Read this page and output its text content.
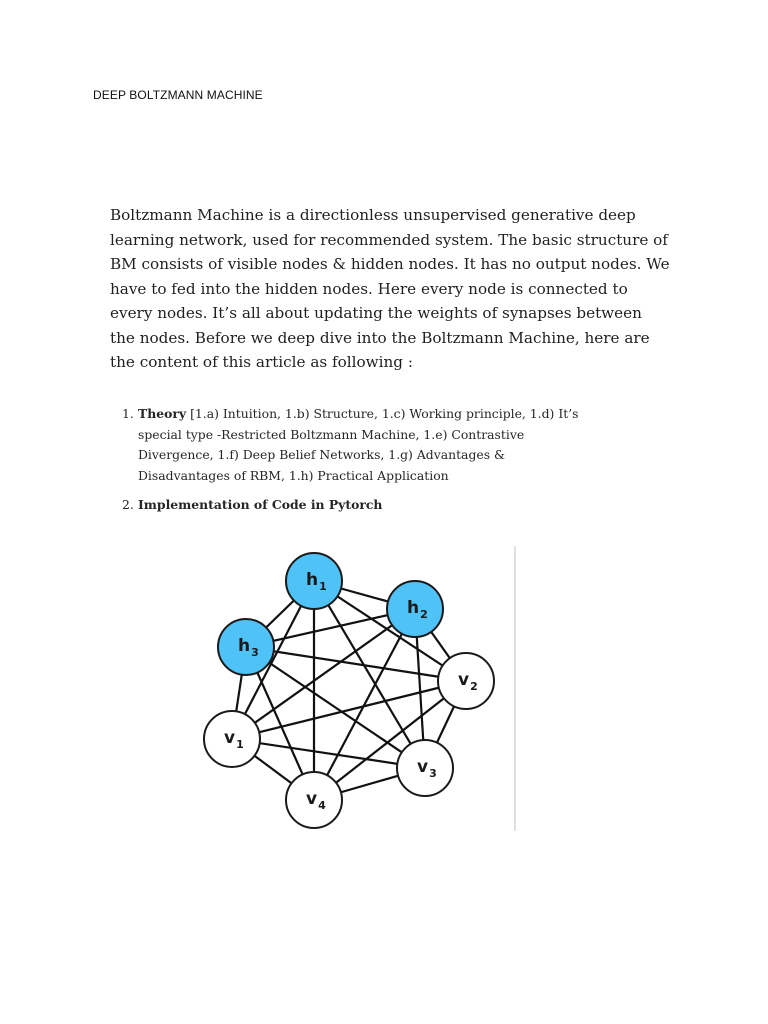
DEEP BOLTZMANN MACHINE

Boltzmann Machine is a directionless unsupervised generative deep learning network, used for recommended system. The basic structure of BM consists of visible nodes & hidden nodes. It has no output nodes. We have to fed into the hidden nodes. Here every node is connected to every nodes. It’s all about updating the weights of synapses between the nodes. Before we deep dive into the Boltzmann Machine, here are the content of this article as following :

1. Theory [1.a) Intuition, 1.b) Structure, 1.c) Working principle, 1.d) It’s special type -Restricted Boltzmann Machine, 1.e) Contrastive Divergence, 1.f) Deep Belief Networks, 1.g) Advantages & Disadvantages of RBM, 1.h) Practical Application
2. Implementation of Code in Pytorch
$h_1$
$h_2$
$h_3$
$v_1$
$v_2$
$v_3$
$v_4$
